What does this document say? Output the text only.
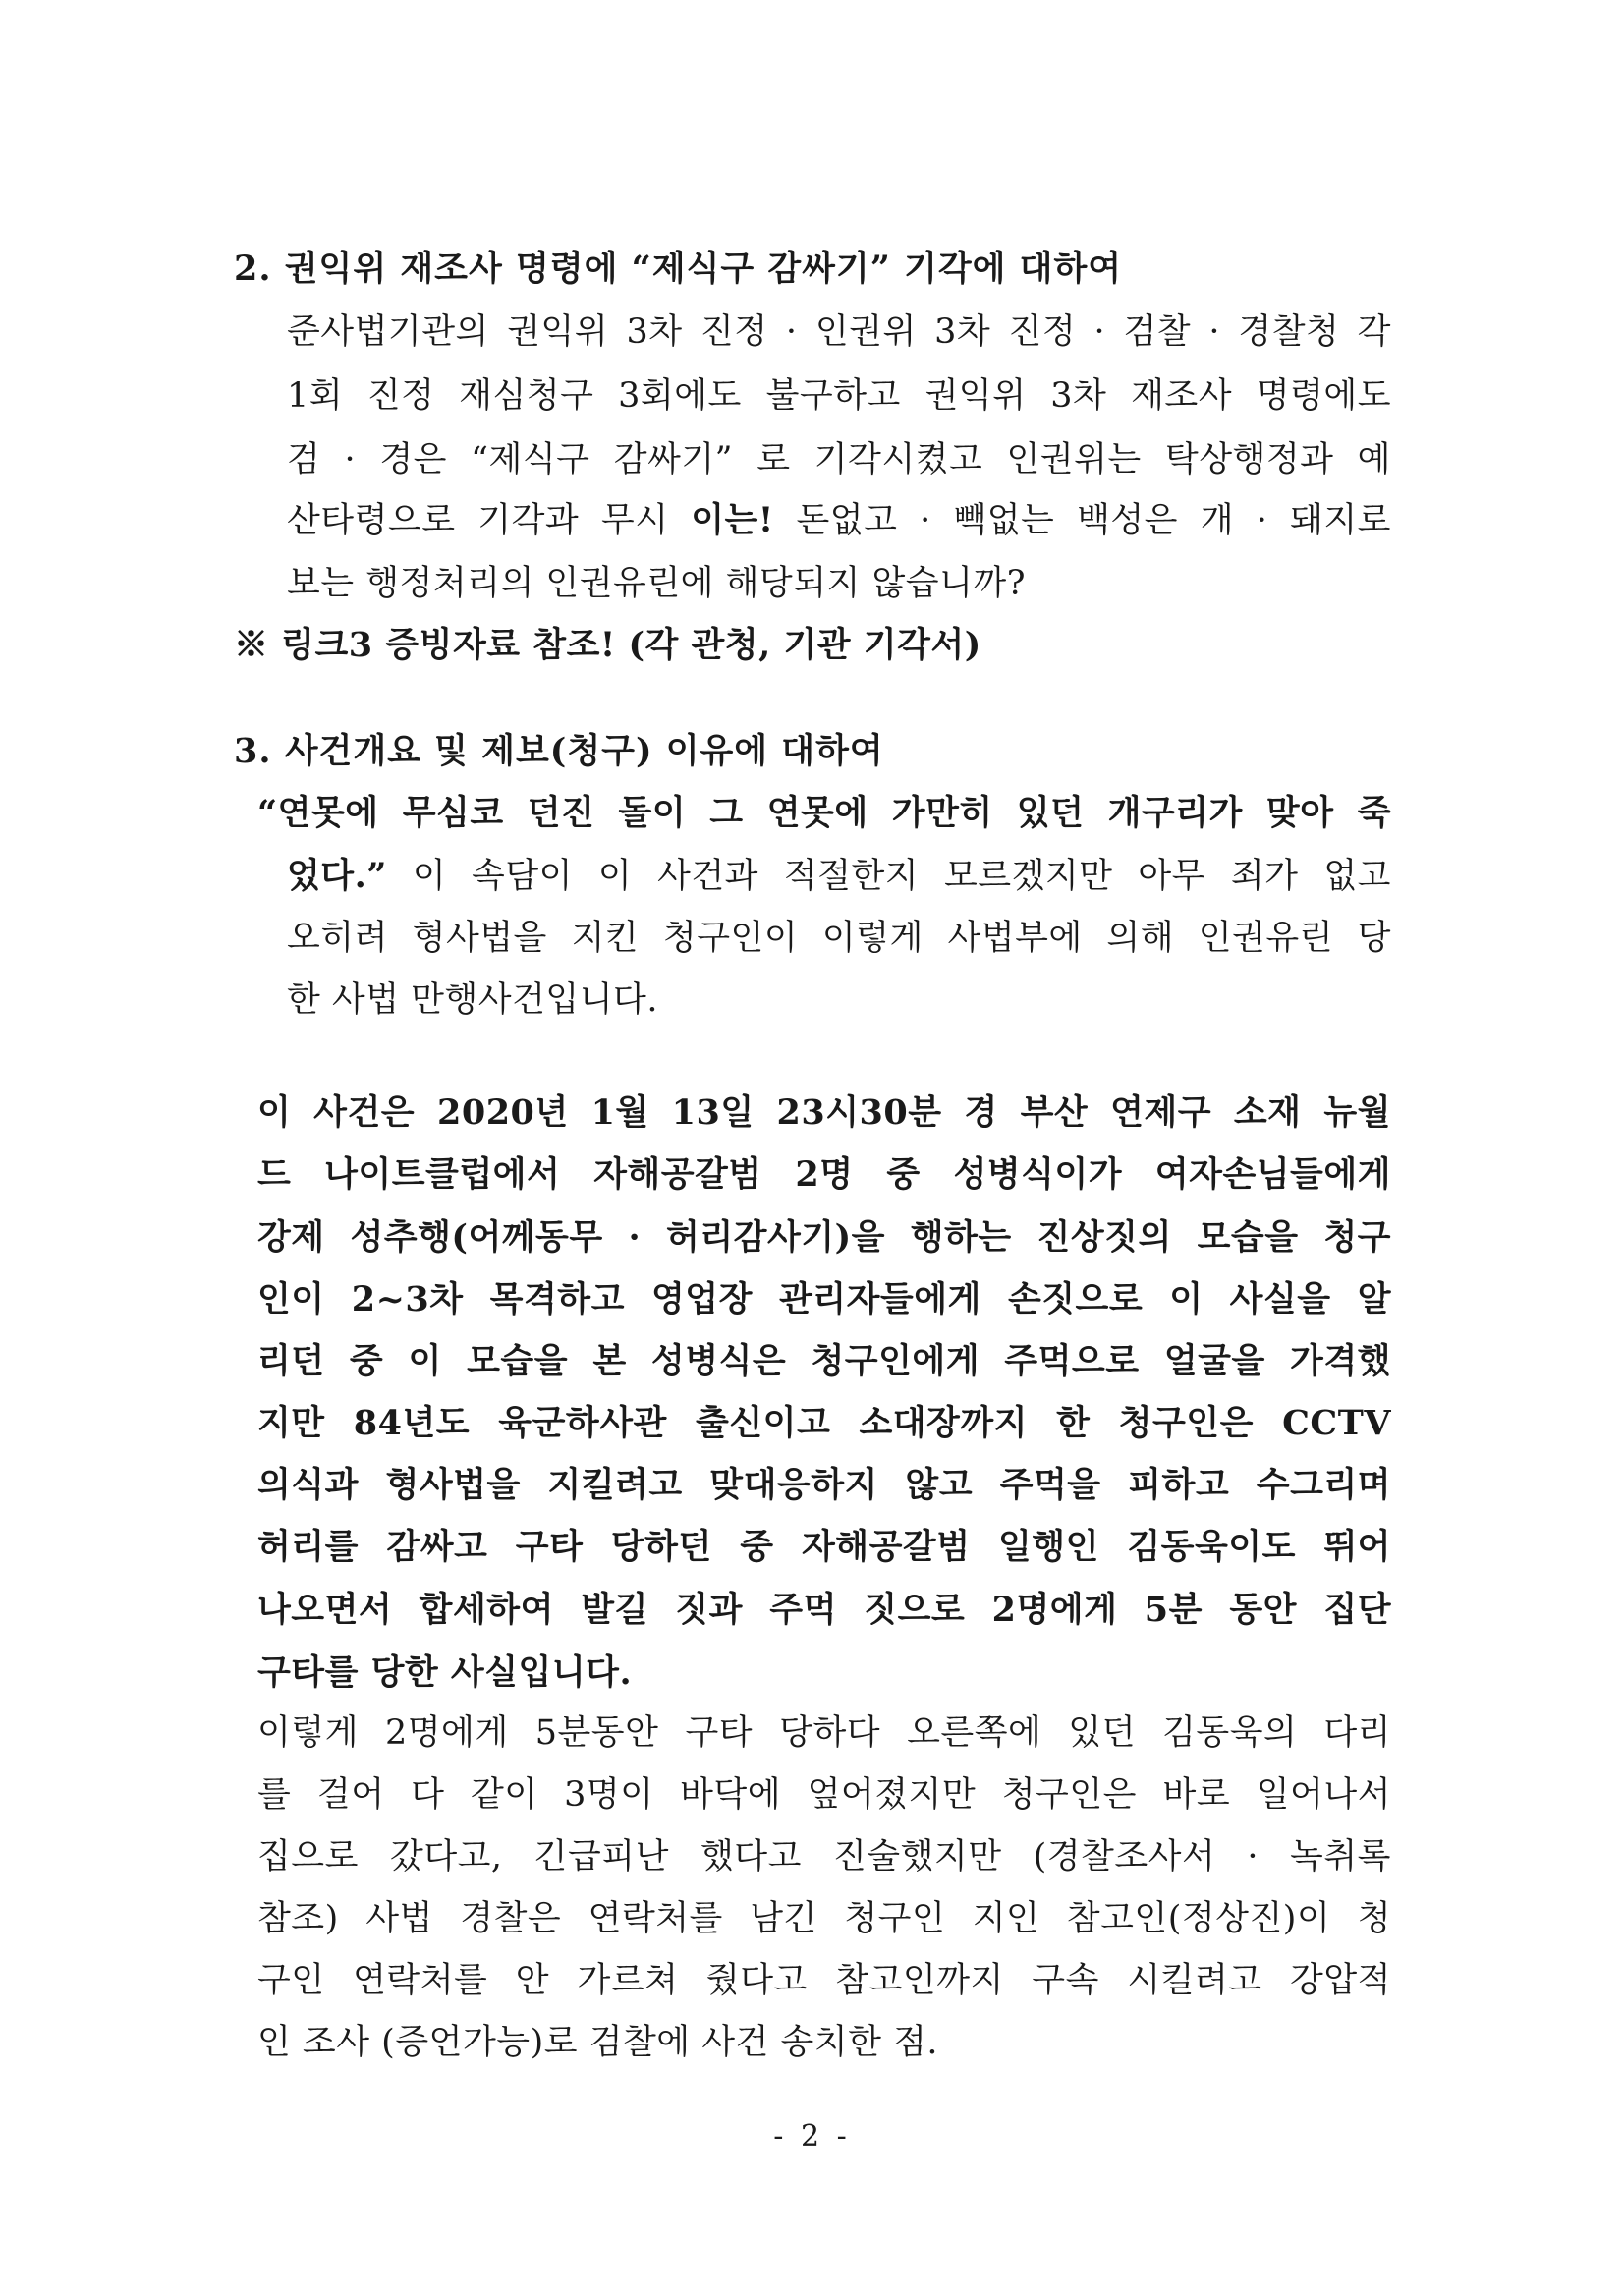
2. 권익위 재조사 명령에 “제식구 감싸기” 기각에 대하여
준사법기관의 권익위 3차 진정 · 인권위 3차 진정 · 검찰 · 경찰청 각
1회 진정 재심청구 3회에도 불구하고 권익위 3차 재조사 명령에도
검 · 경은 “제식구 감싸기” 로 기각시켰고 인권위는 탁상행정과 예
산타령으로 기각과 무시 이는! 돈없고 · 빽없는 백성은 개 · 돼지로
보는 행정처리의 인권유린에 해당되지 않습니까?
※ 링크3 증빙자료 참조! (각 관청, 기관 기각서)
3. 사건개요 및 제보(청구) 이유에 대하여
“연못에 무심코 던진 돌이 그 연못에 가만히 있던 개구리가 맞아 죽
었다.” 이 속담이 이 사건과 적절한지 모르겠지만 아무 죄가 없고
오히려 형사법을 지킨 청구인이 이렇게 사법부에 의해 인권유린 당
한 사법 만행사건입니다.
이 사건은 2020년 1월 13일 23시30분 경 부산 연제구 소재 뉴월
드 나이트클럽에서 자해공갈범 2명 중 성병식이가 여자손님들에게
강제 성추행(어께동무 · 허리감사기)을 행하는 진상짓의 모습을 청구
인이 2~3차 목격하고 영업장 관리자들에게 손짓으로 이 사실을 알
리던 중 이 모습을 본 성병식은 청구인에게 주먹으로 얼굴을 가격했
지만 84년도 육군하사관 출신이고 소대장까지 한 청구인은 CCTV
의식과 형사법을 지킬려고 맞대응하지 않고 주먹을 피하고 수그리며
허리를 감싸고 구타 당하던 중 자해공갈범 일행인 김동욱이도 뛰어
나오면서 합세하여 발길 짓과 주먹 짓으로 2명에게 5분 동안 집단
구타를 당한 사실입니다.
이렇게 2명에게 5분동안 구타 당하다 오른쪽에 있던 김동욱의 다리
를 걸어 다 같이 3명이 바닥에 엎어졌지만 청구인은 바로 일어나서
집으로 갔다고, 긴급피난 했다고 진술했지만 (경찰조사서 · 녹취록
참조) 사법 경찰은 연락처를 남긴 청구인 지인 참고인(정상진)이 청
구인 연락처를 안 가르쳐 줬다고 참고인까지 구속 시킬려고 강압적
인 조사 (증언가능)로 검찰에 사건 송치한 점.
- 2 -
